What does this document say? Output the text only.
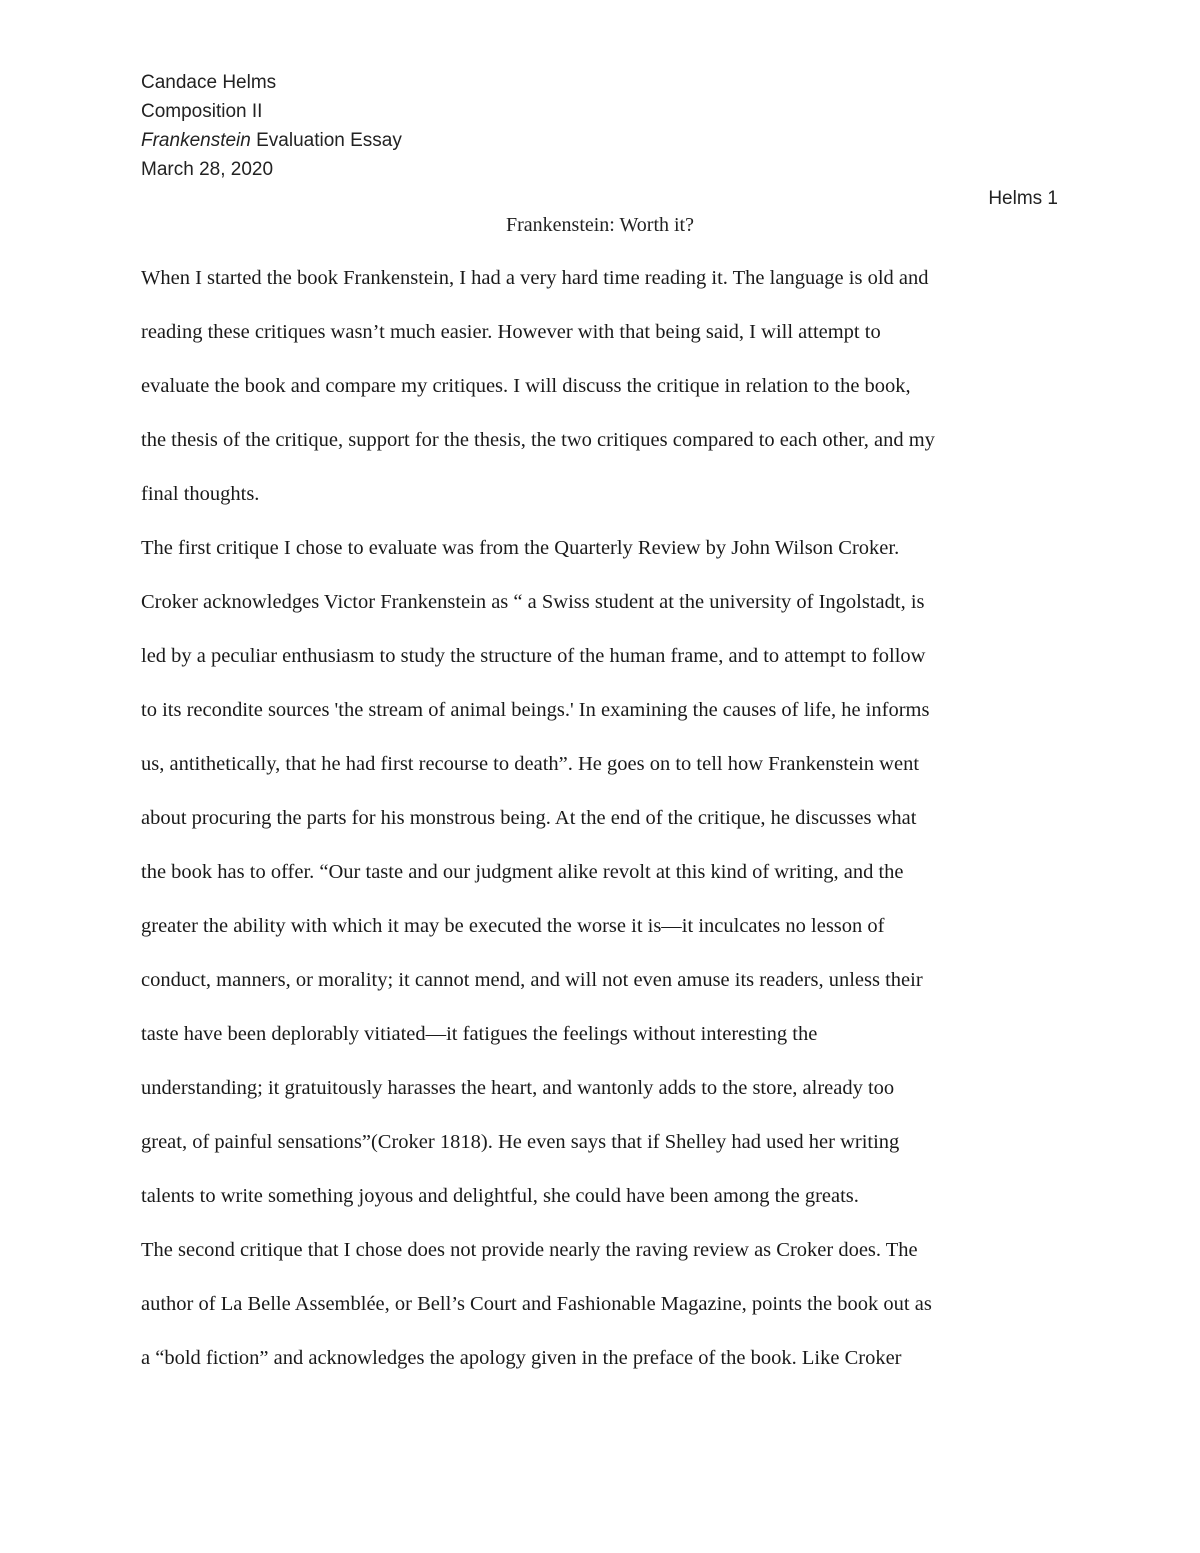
Candace Helms
Composition II
Frankenstein Evaluation Essay
March 28, 2020
Helms 1
Frankenstein: Worth it?
When I started the book Frankenstein, I had a very hard time reading it. The language is old and
reading these critiques wasn’t much easier. However with that being said, I will attempt to
evaluate the book and compare my critiques. I will discuss the critique in relation to the book,
the thesis of the critique, support for the thesis, the two critiques compared to each other, and my
final thoughts.
The first critique I chose to evaluate was from the Quarterly Review by John Wilson Croker.
Croker acknowledges Victor Frankenstein as “ a Swiss student at the university of Ingolstadt, is
led by a peculiar enthusiasm to study the structure of the human frame, and to attempt to follow
to its recondite sources 'the stream of animal beings.' In examining the causes of life, he informs
us, antithetically, that he had first recourse to death”. He goes on to tell how Frankenstein went
about procuring the parts for his monstrous being. At the end of the critique, he discusses what
the book has to offer. “Our taste and our judgment alike revolt at this kind of writing, and the
greater the ability with which it may be executed the worse it is—it inculcates no lesson of
conduct, manners, or morality; it cannot mend, and will not even amuse its readers, unless their
taste have been deplorably vitiated—it fatigues the feelings without interesting the
understanding; it gratuitously harasses the heart, and wantonly adds to the store, already too
great, of painful sensations”(Croker 1818). He even says that if Shelley had used her writing
talents to write something joyous and delightful, she could have been among the greats.
The second critique that I chose does not provide nearly the raving review as Croker does. The
author of La Belle Assemblée, or Bell’s Court and Fashionable Magazine, points the book out as
a “bold fiction” and acknowledges the apology given in the preface of the book. Like Croker
